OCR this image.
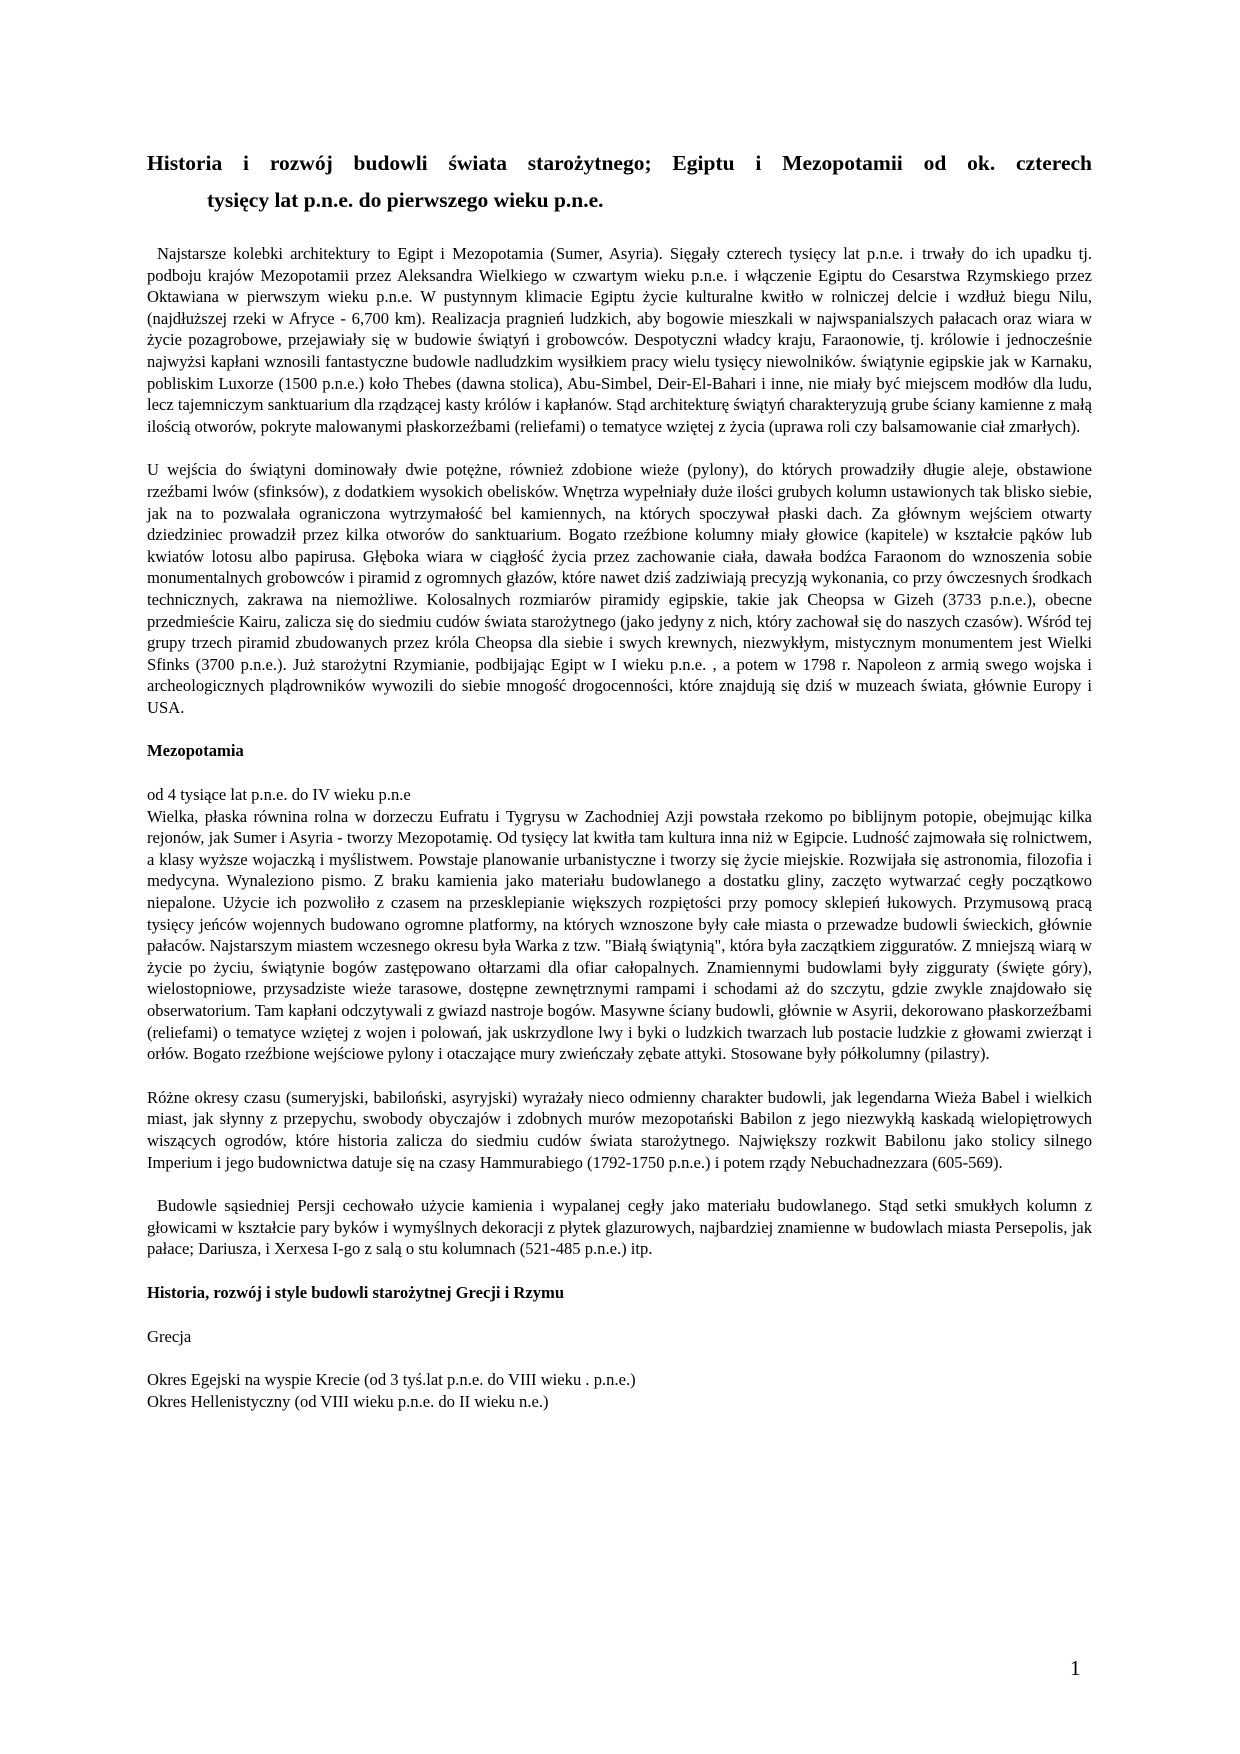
Historia i rozwój budowli świata starożytnego; Egiptu i Mezopotamii od ok. czterech
tysięcy lat p.n.e. do pierwszego wieku p.n.e.

Najstarsze kolebki architektury to Egipt i Mezopotamia (Sumer, Asyria). Sięgały czterech tysięcy lat p.n.e. i trwały do ich upadku tj. podboju krajów Mezopotamii przez Aleksandra Wielkiego w czwartym wieku p.n.e. i włączenie Egiptu do Cesarstwa Rzymskiego przez Oktawiana w pierwszym wieku p.n.e. W pustynnym klimacie Egiptu życie kulturalne kwitło w rolniczej delcie i wzdłuż biegu Nilu, (najdłuższej rzeki w Afryce - 6,700 km). Realizacja pragnień ludzkich, aby bogowie mieszkali w najwspanialszych pałacach oraz wiara w życie pozagrobowe, przejawiały się w budowie świątyń i grobowców. Despotyczni władcy kraju, Faraonowie, tj. królowie i jednocześnie najwyżsi kapłani wznosili fantastyczne budowle nadludzkim wysiłkiem pracy wielu tysięcy niewolników. świątynie egipskie jak w Karnaku, pobliskim Luxorze (1500 p.n.e.) koło Thebes (dawna stolica), Abu-Simbel, Deir-El-Bahari i inne, nie miały być miejscem modłów dla ludu, lecz tajemniczym sanktuarium dla rządzącej kasty królów i kapłanów. Stąd architekturę świątyń charakteryzują grube ściany kamienne z małą ilością otworów, pokryte malowanymi płaskorzeźbami (reliefami) o tematyce wziętej z życia (uprawa roli czy balsamowanie ciał zmarłych).

U wejścia do świątyni dominowały dwie potężne, również zdobione wieże (pylony), do których prowadziły długie aleje, obstawione rzeźbami lwów (sfinksów), z dodatkiem wysokich obelisków. Wnętrza wypełniały duże ilości grubych kolumn ustawionych tak blisko siebie, jak na to pozwalała ograniczona wytrzymałość bel kamiennych, na których spoczywał płaski dach. Za głównym wejściem otwarty dziedziniec prowadził przez kilka otworów do sanktuarium. Bogato rzeźbione kolumny miały głowice (kapitele) w kształcie pąków lub kwiatów lotosu albo papirusa. Głęboka wiara w ciągłość życia przez zachowanie ciała, dawała bodźca Faraonom do wznoszenia sobie monumentalnych grobowców i piramid z ogromnych głazów, które nawet dziś zadziwiają precyzją wykonania, co przy ówczesnych środkach technicznych, zakrawa na niemożliwe. Kolosalnych rozmiarów piramidy egipskie, takie jak Cheopsa w Gizeh (3733 p.n.e.), obecne przedmieście Kairu, zalicza się do siedmiu cudów świata starożytnego (jako jedyny z nich, który zachował się do naszych czasów). Wśród tej grupy trzech piramid zbudowanych przez króla Cheopsa dla siebie i swych krewnych, niezwykłym, mistycznym monumentem jest Wielki Sfinks (3700 p.n.e.). Już starożytni Rzymianie, podbijając Egipt w I wieku p.n.e. , a potem w 1798 r. Napoleon z armią swego wojska i archeologicznych plądrowników wywozili do siebie mnogość drogocenności, które znajdują się dziś w muzeach świata, głównie Europy i USA.

Mezopotamia

od 4 tysiące lat p.n.e. do IV wieku p.n.e

Wielka, płaska równina rolna w dorzeczu Eufratu i Tygrysu w Zachodniej Azji powstała rzekomo po biblijnym potopie, obejmując kilka rejonów, jak Sumer i Asyria - tworzy Mezopotamię. Od tysięcy lat kwitła tam kultura inna niż w Egipcie. Ludność zajmowała się rolnictwem, a klasy wyższe wojaczką i myślistwem. Powstaje planowanie urbanistyczne i tworzy się życie miejskie. Rozwijała się astronomia, filozofia i medycyna. Wynaleziono pismo. Z braku kamienia jako materiału budowlanego a dostatku gliny, zaczęto wytwarzać cegły początkowo niepalone. Użycie ich pozwoliło z czasem na przesklepianie większych rozpiętości przy pomocy sklepień łukowych. Przymusową pracą tysięcy jeńców wojennych budowano ogromne platformy, na których wznoszone były całe miasta o przewadze budowli świeckich, głównie pałaców. Najstarszym miastem wczesnego okresu była Warka z tzw. "Białą świątynią", która była zaczątkiem zigguratów. Z mniejszą wiarą w życie po życiu, świątynie bogów zastępowano ołtarzami dla ofiar całopalnych. Znamiennymi budowlami były zigguraty (święte góry), wielostopniowe, przysadziste wieże tarasowe, dostępne zewnętrznymi rampami i schodami aż do szczytu, gdzie zwykle znajdowało się obserwatorium. Tam kapłani odczytywali z gwiazd nastroje bogów. Masywne ściany budowli, głównie w Asyrii, dekorowano płaskorzeźbami (reliefami) o tematyce wziętej z wojen i polowań, jak uskrzydlone lwy i byki o ludzkich twarzach lub postacie ludzkie z głowami zwierząt i orłów. Bogato rzeźbione wejściowe pylony i otaczające mury zwieńczały zębate attyki. Stosowane były półkolumny (pilastry).

Różne okresy czasu (sumeryjski, babiloński, asyryjski) wyrażały nieco odmienny charakter budowli, jak legendarna Wieża Babel i wielkich miast, jak słynny z przepychu, swobody obyczajów i zdobnych murów mezopotański Babilon z jego niezwykłą kaskadą wielopiętrowych wiszących ogrodów, które historia zalicza do siedmiu cudów świata starożytnego. Największy rozkwit Babilonu jako stolicy silnego Imperium i jego budownictwa datuje się na czasy Hammurabiego (1792-1750 p.n.e.) i potem rządy Nebuchadnezzara (605-569).

Budowle sąsiedniej Persji cechowało użycie kamienia i wypalanej cegły jako materiału budowlanego. Stąd setki smukłych kolumn z głowicami w kształcie pary byków i wymyślnych dekoracji z płytek glazurowych, najbardziej znamienne w budowlach miasta Persepolis, jak pałace; Dariusza, i Xerxesa I-go z salą o stu kolumnach (521-485 p.n.e.) itp.

Historia, rozwój i style budowli starożytnej Grecji i Rzymu
Grecja
Okres Egejski na wyspie Krecie (od 3 tyś.lat p.n.e. do VIII wieku . p.n.e.)
Okres Hellenistyczny (od VIII wieku p.n.e. do II wieku n.e.)
1
